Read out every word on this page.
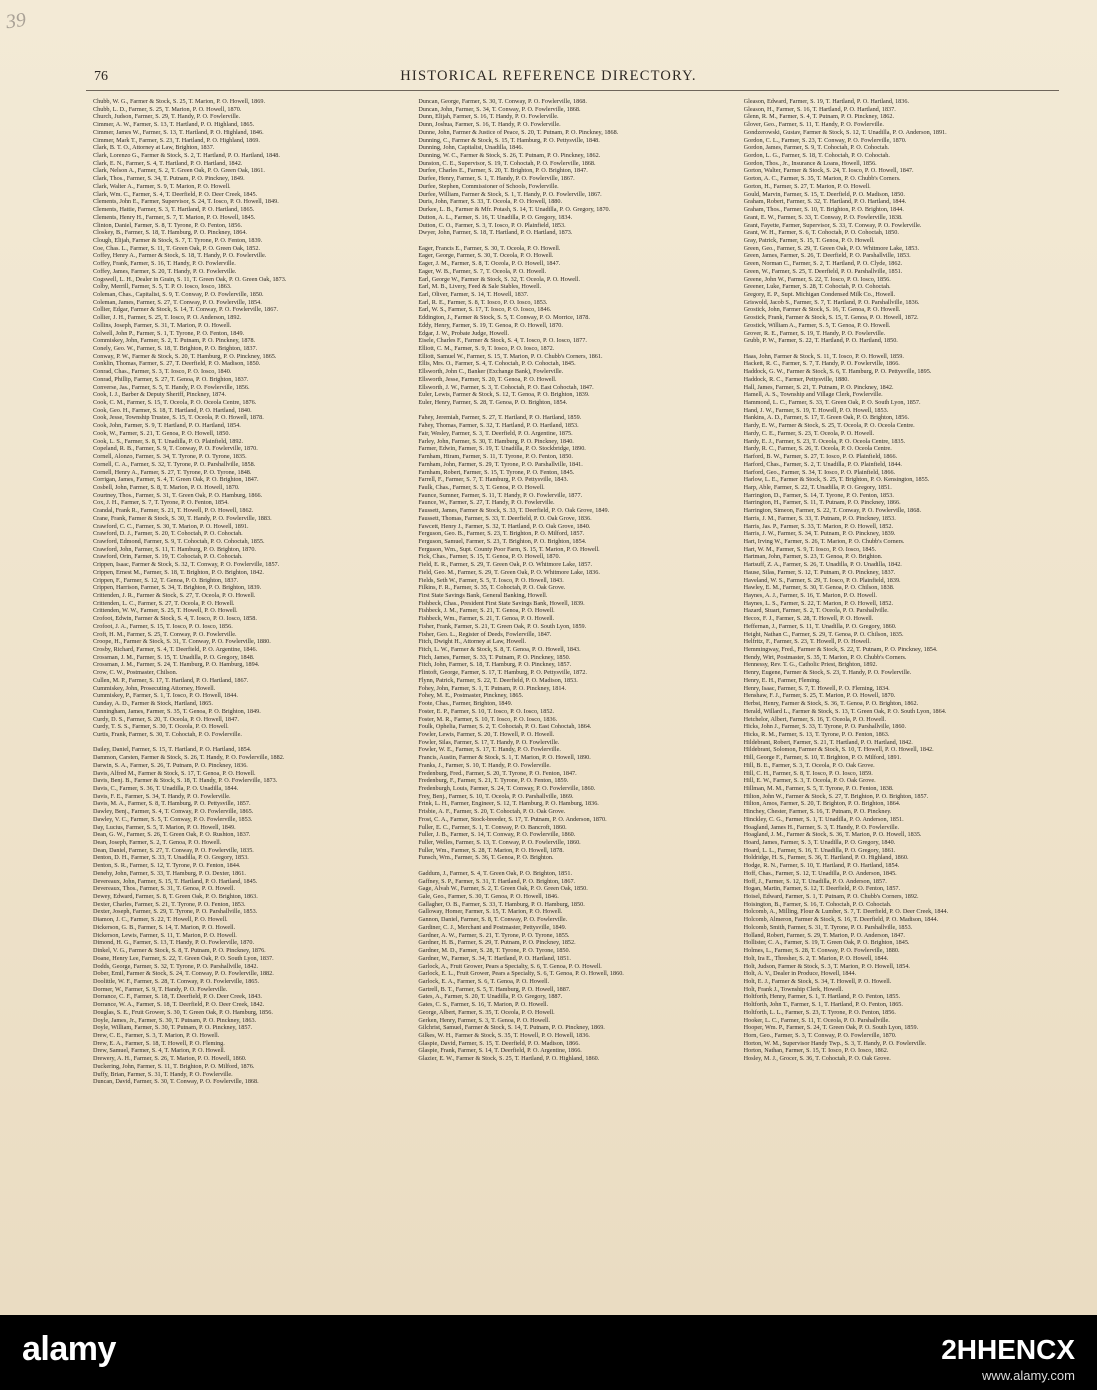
39
76	HISTORICAL REFERENCE DIRECTORY.

Chubb, W. G., Farmer & Stock, S. 25, T. Marion, P. O. Howell, 1869.

Chubb, L. D., Farmer, S. 25, T. Marion, P. O. Howell, 1870.

Church, Judson, Farmer, S. 29, T. Handy, P. O. Fowlerville.

Cimmer, A. W., Farmer, S. 13, T. Hartland, P. O. Highland, 1865.

Cimmer, James W., Farmer, S. 13, T. Hartland, P. O. Highland, 1846.

Cimmer, Mark T., Farmer, S. 23, T. Hartland, P. O. Highland, 1869.

Clark, B. T. O., Attorney at Law, Brighton, 1837.

Clark, Lorenzo G., Farmer & Stock, S. 2, T. Hartland, P. O. Hartland, 1848.

Clark, E. N., Farmer, S. 4, T. Hartland, P. O. Hartland, 1842.

Clark, Nelson A., Farmer, S. 2, T. Green Oak, P. O. Green Oak, 1861.

Clark, Thos., Farmer, S. 34, T. Putnam, P. O. Pinckney, 1849.

Clark, Walter A., Farmer, S. 9, T. Marion, P. O. Howell.

Clark, Wm. C., Farmer, S. 4, T. Deerfield, P. O. Deer Creek, 1845.

Clements, John E., Farmer, Supervisor, S. 24, T. Iosco, P. O. Howell, 1849.

Clements, Hattie, Farmer, S. 3, T. Hartland, P. O. Hartland, 1865.

Clements, Henry H., Farmer, S. 7, T. Marion, P. O. Howell, 1845.

Clinton, Daniel, Farmer, S. 8, T. Tyrone, P. O. Fenton, 1856.

Closkey, B., Farmer, S. 18, T. Hamburg, P. O. Pinckney, 1864.

Clough, Elijah, Farmer & Stock, S. 7, T. Tyrone, P. O. Fenton, 1839.

Coe, Chas. L., Farmer, S. 11, T. Green Oak, P. O. Green Oak, 1852.

Coffey, Henry A., Farmer & Stock, S. 18, T. Handy, P. O. Fowlerville.

Coffey, Frank, Farmer, S. 16, T. Handy, P. O. Fowlerville.

Coffey, James, Farmer, S. 20, T. Handy, P. O. Fowlerville.

Cogswell, L. H., Dealer in Grain, S. 11, T. Green Oak, P. O. Green Oak, 1873.

Colby, Merrill, Farmer, S. 5, T. P. O. Iosco, Iosco, 1863.

Coleman, Chas., Capitalist, S. 9, T. Conway, P. O. Fowlerville, 1850.

Coleman, James, Farmer, S. 27, T. Conway, P. O. Fowlerville, 1854.

Collier, Edgar, Farmer & Stock, S. 14, T. Conway, P. O. Fowlerville, 1867.

Collier, J. H., Farmer, S. 25, T. Iosco, P. O. Anderson, 1892.

Collins, Joseph, Farmer, S. 31, T. Marion, P. O. Howell.

Colwell, John P., Farmer, S. 1, T. Tyrone, P. O. Fenton, 1849.

Commiskey, John, Farmer, S. 2, T. Putnam, P. O. Pinckney, 1878.

Conely, Geo. W., Farmer, S. 18, T. Brighton, P. O. Brighton, 1837.

Conway, P. W., Farmer & Stock, S. 20, T. Hamburg, P. O. Pinckney, 1865.

Conklin, Thomas, Farmer, S. 27, T. Deerfield, P. O. Madison, 1850.

Conrad, Chas., Farmer, S. 3, T. Iosco, P. O. Iosco, 1840.

Conrad, Phillip, Farmer, S. 27, T. Genoa, P. O. Brighton, 1837.

Converse, Jas., Farmer, S. 5, T. Handy, P. O. Fowlerville, 1856.

Cook, I. J., Barber & Deputy Sheriff, Pinckney, 1874.

Cook, C. M., Farmer, S. 15, T. Oceola, P. O. Oceola Centre, 1876.

Cook, Geo. H., Farmer, S. 18, T. Hartland, P. O. Hartland, 1840.

Cook, Jesse, Township Trustee, S. 15, T. Oceola, P. O. Howell, 1878.

Cook, John, Farmer, S. 9, T. Hartland, P. O. Hartland, 1854.

Cook, W., Farmer, S. 21, T. Genoa, P. O. Howell, 1850.

Cook, L. S., Farmer, S. 8, T. Unadilla, P. O. Plainfield, 1892.

Copeland, R. B., Farmer, S. 9, T. Conway, P. O. Fowlerville, 1870.

Cornell, Alonzo, Farmer, S. 34, T. Tyrone, P. O. Tyrone, 1835.

Cornell, C. A., Farmer, S. 32, T. Tyrone, P. O. Parshallville, 1858.

Cornell, Henry A., Farmer, S. 27, T. Tyrone, P. O. Tyrone, 1848.

Corrigan, James, Farmer, S. 4, T. Green Oak, P. O. Brighton, 1847.

Cosbell, John, Farmer, S. 8, T. Marion, P. O. Howell, 1870.

Courtney, Thos., Farmer, S. 31, T. Green Oak, P. O. Hamburg, 1866.

Cox, J. H., Farmer, S. 7, T. Tyrone, P. O. Fenton, 1854.

Crandal, Frank R., Farmer, S. 21, T. Howell, P. O. Howell, 1862.

Crane, Frank, Farmer & Stock, S. 30, T. Handy, P. O. Fowlerville, 1883.

Crawford, C. C., Farmer, S. 30, T. Marion, P. O. Howell, 1891.

Crawford, D. J., Farmer, S. 20, T. Cohoctah, P. O. Cohoctah.

Crawford, Edmond, Farmer, S. 9, T. Cohoctah, P. O. Cohoctah, 1855.

Crawford, John, Farmer, S. 11, T. Hamburg, P. O. Brighton, 1870.

Crawford, Orin, Farmer, S. 19, T. Cohoctah, P. O. Cohoctah.

Crippen, Isaac, Farmer & Stock, S. 32, T. Conway, P. O. Fowlerville, 1857.

Crippen, Ernest M., Farmer, S. 18, T. Brighton, P. O. Brighton, 1842.

Crippen, F., Farmer, S. 12, T. Genoa, P. O. Brighton, 1837.

Crippen, Harrison, Farmer, S. 34, T. Brighton, P. O. Brighton, 1839.

Crittenden, J. R., Farmer & Stock, S. 27, T. Oceola, P. O. Howell.

Crittenden, L. C., Farmer, S. 27, T. Oceola, P. O. Howell.

Crittenden, W. W., Farmer, S. 25, T. Howell, P. O. Howell.

Crofoot, Edwin, Farmer & Stock, S. 4, T. Iosco, P. O. Iosco, 1858.

Crofoot, J. A., Farmer, S. 15, T. Iosco, P. O. Iosco, 1856.

Croft, H. M., Farmer, S. 25, T. Conway, P. O. Fowlerville.

Croope, H., Farmer & Stock, S. 31, T. Conway, P. O. Fowlerville, 1880.

Crosby, Richard, Farmer, S. 4, T. Deerfield, P. O. Argentine, 1846.

Crossman, J. M., Farmer, S. 15, T. Unadilla, P. O. Gregory, 1848.

Crossman, J. M., Farmer, S. 24, T. Hamburg, P. O. Hamburg, 1894.

Crow, C. W., Postmaster, Chilson.

Cullen, M. P., Farmer, S. 17, T. Hartland, P. O. Hartland, 1867.

Cummiskey, John, Prosecuting Attorney, Howell.

Cummiskey, P., Farmer, S. 1, T. Iosco, P. O. Howell, 1844.

Cunday, A. D., Farmer & Stock, Hartland, 1865.

Cunningham, James, Farmer, S. 35, T. Genoa, P. O. Brighton, 1849.

Curdy, D. S., Farmer, S. 20, T. Oceola, P. O. Howell, 1847.

Curdy, T. S. S., Farmer, S. 30, T. Oceola, P. O. Howell.

Curtis, Frank, Farmer, S. 30, T. Cohoctah, P. O. Fowlerville.

Dailey, Daniel, Farmer, S. 15, T. Hartland, P. O. Hartland, 1854.

Dammon, Carsten, Farmer & Stock, S. 26, T. Handy, P. O. Fowlerville, 1882.

Darwin, S. A., Farmer, S. 26, T. Putnam, P. O. Pinckney, 1836.

Davis, Alfred M., Farmer & Stock, S. 17, T. Genoa, P. O. Howell.

Davis, Benj. B., Farmer & Stock, S. 18, T. Handy, P. O. Fowlerville, 1873.

Davis, C., Farmer, S. 36, T. Unadilla, P. O. Unadilla, 1844.

Davis, F. E., Farmer, S. 34, T. Handy, P. O. Fowlerville.

Davis, M. A., Farmer, S. 8, T. Hamburg, P. O. Pettysville, 1857.

Dawley, Benj., Farmer, S. 4, T. Conway, P. O. Fowlerville, 1865.

Dawley, V. C., Farmer, S. 5, T. Conway, P. O. Fowlerville, 1853.

Day, Lucius, Farmer, S. 5, T. Marion, P. O. Howell, 1849.

Dean, G. W., Farmer, S. 26, T. Green Oak, P. O. Rushton, 1837.

Dean, Joseph, Farmer, S. 2, T. Genoa, P. O. Howell.

Dean, Daniel, Farmer, S. 27, T. Conway, P. O. Fowlerville, 1835.

Denton, D. H., Farmer, S. 33, T. Unadilla, P. O. Gregory, 1853.

Denton, S. R., Farmer, S. 12, T. Tyrone, P. O. Fenton, 1844.

Denehy, John, Farmer, S. 33, T. Hamburg, P. O. Dexter, 1861.

Devereaux, John, Farmer, S. 15, T. Hartland, P. O. Hartland, 1845.

Devereaux, Thos., Farmer, S. 31, T. Genoa, P. O. Howell.

Dewey, Edward, Farmer, S. 8, T. Green Oak, P. O. Brighton, 1863.

Dexter, Charles, Farmer, S. 21, T. Tyrone, P. O. Fenton, 1853.

Dexter, Joseph, Farmer, S. 29, T. Tyrone, P. O. Parshallville, 1853.

Diamon, J. C., Farmer, S. 22, T. Howell, P. O. Howell.

Dickerson, G. B., Farmer, S. 14, T. Marion, P. O. Howell.

Dickerson, Lewis, Farmer, S. 11, T. Marion, P. O. Howell.

Dimond, H. G., Farmer, S. 13, T. Handy, P. O. Fowlerville, 1870.

Dinkel, V. G., Farmer & Stock, S. 8, T. Putnam, P. O. Pinckney, 1876.

Doane, Henry Lee, Farmer, S. 22, T. Green Oak, P. O. South Lyon, 1837.

Dodds, George, Farmer, S. 32, T. Tyrone, P. O. Parshallville, 1842.

Dober, Emil, Farmer & Stock, S. 24, T. Conway, P. O. Fowlerville, 1882.

Doolittle, W. F., Farmer, S. 28, T. Conway, P. O. Fowlerville, 1865.

Dormer, W., Farmer, S. 9, T. Handy, P. O. Fowlerville.

Dorrance, C. F., Farmer, S. 18, T. Deerfield, P. O. Deer Creek, 1843.

Dorrance, W. A., Farmer, S. 18, T. Deerfield, P. O. Deer Creek, 1842.

Douglas, S. E., Fruit Grower, S. 30, T. Green Oak, P. O. Hamburg, 1856.

Doyle, James, Jr., Farmer, S. 30, T. Putnam, P. O. Pinckney, 1863.

Doyle, William, Farmer, S. 30, T. Putnam, P. O. Pinckney, 1857.

Drew, C. E., Farmer, S. 3, T. Marion, P. O. Howell.

Drew, E. A., Farmer, S. 18, T. Howell, P. O. Fleming.

Drew, Samuel, Farmer, S. 4, T. Marion, P. O. Howell.

Drewery, A. H., Farmer, S. 26, T. Marion, P. O. Howell, 1860.

Duckering, John, Farmer, S. 11, T. Brighton, P. O. Milford, 1876.

Duffy, Brian, Farmer, S. 31, T. Handy, P. O. Fowlerville.

Duncan, David, Farmer, S. 30, T. Conway, P. O. Fowlerville, 1868.

Duncan, George, Farmer, S. 30, T. Conway, P. O. Fowlerville, 1868.

Duncan, John, Farmer, S. 34, T. Conway, P. O. Fowlerville, 1868.

Dunn, Elijah, Farmer, S. 16, T. Handy, P. O. Fowlerville.

Dunn, Joshua, Farmer, S. 16, T. Handy, P. O. Fowlerville.

Dunne, John, Farmer & Justice of Peace, S. 20, T. Putnam, P. O. Pinckney, 1868.

Dunning, C., Farmer & Stock, S. 15, T. Hamburg, P. O. Pettysville, 1848.

Dunning, John, Capitalist, Unadilla, 1846.

Dunning, W. C., Farmer & Stock, S. 26, T. Putnam, P. O. Pinckney, 1862.

Dunston, C. E., Supervisor, S. 19, T. Cohoctah, P. O. Fowlerville, 1868.

Durfee, Charles E., Farmer, S. 20, T. Brighton, P. O. Brighton, 1847.

Durfee, Henry, Farmer, S. 1, T. Handy, P. O. Fowlerville, 1867.

Durfee, Stephen, Commissioner of Schools, Fowlerville.

Durfee, William, Farmer & Stock, S. 1, T. Handy, P. O. Fowlerville, 1867.

Duris, John, Farmer, S. 33, T. Oceola, P. O. Howell, 1880.

Durkee, L. B., Farmer & Mfr. Potash, S. 14, T. Unadilla, P. O. Gregory, 1870.

Dutton, A. L., Farmer, S. 16, T. Unadilla, P. O. Gregory, 1834.

Dutton, C. O., Farmer, S. 3, T. Iosco, P. O. Plainfield, 1853.

Dwyer, John, Farmer, S. 18, T. Hartland, P. O. Hartland, 1873.

Eager, Francis E., Farmer, S. 30, T. Oceola, P. O. Howell.

Eager, George, Farmer, S. 30, T. Oceola, P. O. Howell.

Eager, J. M., Farmer, S. 8, T. Oceola, P. O. Howell, 1847.

Eager, W. B., Farmer, S. 7, T. Oceola, P. O. Howell.

Earl, George W., Farmer & Stock, S. 32, T. Oceola, P. O. Howell.

Earl, M. B., Livery, Feed & Sale Stables, Howell.

Earl, Oliver, Farmer, S. 14, T. Howell, 1837.

Earl, R. E., Farmer, S. 8, T. Iosco, P. O. Iosco, 1853.

Earl, W. S., Farmer, S. 17, T. Iosco, P. O. Iosco, 1846.

Eddington, J., Farmer & Stock, S. 5, T. Conway, P. O. Morrice, 1878.

Eddy, Henry, Farmer, S. 19, T. Genoa, P. O. Howell, 1870.

Edgar, J. W., Probate Judge, Howell.

Eisele, Charles F., Farmer & Stock, S. 4, T. Iosco, P. O. Iosco, 1877.

Elliott, C. M., Farmer, S. 9, T. Iosco, P. O. Iosco, 1872.

Elliott, Samuel W., Farmer, S. 15, T. Marion, P. O. Chubb's Corners, 1861.

Ellis, Mrs. O., Farmer, S. 4, T. Cohoctah, P. O. Cohoctah, 1845.

Ellsworth, John C., Banker (Exchange Bank), Fowlerville.

Ellsworth, Jesse, Farmer, S. 20, T. Genoa, P. O. Howell.

Ellsworth, J. W., Farmer, S. 3, T. Cohoctah, P. O. East Cohoctah, 1847.

Euler, Lewis, Farmer & Stock, S. 12, T. Genoa, P. O. Brighton, 1839.

Euler, Henry, Farmer, S. 28, T. Genoa, P. O. Brighton, 1854.

Fahey, Jeremiah, Farmer, S. 27, T. Hartland, P. O. Hartland, 1859.

Fahey, Thomas, Farmer, S. 32, T. Hartland, P. O. Hartland, 1853.

Fair, Wesley, Farmer, S. 3, T. Deerfield, P. O. Argentine, 1875.

Farley, John, Farmer, S. 30, T. Hamburg, P. O. Pinckney, 1840.

Farmer, Edwin, Farmer, S. 19, T. Unadilla, P. O. Stockbridge, 1890.

Farnham, Hiram, Farmer, S. 11, T. Tyrone, P. O. Fenton, 1850.

Farnham, John, Farmer, S. 29, T. Tyrone, P. O. Parshallville, 1841.

Farnham, Robert, Farmer, S. 15, T. Tyrone, P. O. Fenton, 1845.

Farrell, F., Farmer, S. 7, T. Hamburg, P. O. Pettysville, 1843.

Faulk, Chas., Farmer, S. 3, T. Genoa, P. O. Howell.

Faunce, Sumner, Farmer, S. 11, T. Handy, P. O. Fowlerville, 1877.

Faunce, W., Farmer, S. 27, T. Handy, P. O. Fowlerville.

Faussett, James, Farmer & Stock, S. 33, T. Deerfield, P. O. Oak Grove, 1849.

Faussett, Thomas, Farmer, S. 33, T. Deerfield, P. O. Oak Grove, 1836.

Fawcett, Henry J., Farmer, S. 32, T. Hartland, P. O. Oak Grove, 1840.

Ferguson, Geo. B., Farmer, S. 23, T. Brighton, P. O. Milford, 1857.

Ferguson, Samuel, Farmer, S. 23, T. Brighton, P. O. Brighton, 1854.

Ferguson, Wm., Supt. County Poor Farm, S. 15, T. Marion, P. O. Howell.

Fick, Chas., Farmer, S. 15, T. Genoa, P. O. Howell, 1870.

Field, E. R., Farmer, S. 29, T. Green Oak, P. O. Whitmore Lake, 1857.

Field, Geo. M., Farmer, S. 29, T. Green Oak, P. O. Whitmore Lake, 1836.

Fields, Seth W., Farmer, S. 5, T. Iosco, P. O. Howell, 1843.

Filkins, F. R., Farmer, S. 35, T. Cohoctah, P. O. Oak Grove.

First State Savings Bank, General Banking, Howell.

Fishbeck, Chas., President First State Savings Bank, Howell, 1839.

Fishbeck, J. M., Farmer, S. 21, T. Genoa, P. O. Howell.

Fishbeck, Wm., Farmer, S. 21, T. Genoa, P. O. Howell.

Fisher, Frank, Farmer, S. 21, T. Green Oak, P. O. South Lyon, 1859.

Fisher, Geo. L., Register of Deeds, Fowlerville, 1847.

Fitch, Dwight H., Attorney at Law, Howell.

Fitch, L. W., Farmer & Stock, S. 8, T. Genoa, P. O. Howell, 1843.

Fitch, James, Farmer, S. 33, T. Putnam, P. O. Pinckney, 1850.

Fitch, John, Farmer, S. 18, T. Hamburg, P. O. Pinckney, 1857.

Flintoft, George, Farmer, S. 17, T. Hamburg, P. O. Pettysville, 1872.

Flynn, Patrick, Farmer, S. 22, T. Deerfield, P. O. Madison, 1853.

Fohey, John, Farmer, S. 1, T. Putnam, P. O. Pinckney, 1814.

Fohey, M. E., Postmaster, Pinckney, 1865.

Foote, Chas., Farmer, Brighton, 1849.

Foster, E. P., Farmer, S. 10, T. Iosco, P. O. Iosco, 1852.

Foster, M. R., Farmer, S. 10, T. Iosco, P. O. Iosco, 1836.

Foulk, Ophelia, Farmer, S. 2, T. Cohoctah, P. O. East Cohoctah, 1864.

Fowler, Lewis, Farmer, S. 20, T. Howell, P. O. Howell.

Fowler, Silas, Farmer, S. 17, T. Handy, P. O. Fowlerville.

Fowler, W. E., Farmer, S. 17, T. Handy, P. O. Fowlerville.

Francis, Austin, Farmer & Stock, S. 1, T. Marion, P. O. Howell, 1890.

Franks, J., Farmer, S. 10, T. Handy, P. O. Fowlerville.

Fredenburg, Fred., Farmer, S. 20, T. Tyrone, P. O. Fenton, 1847.

Fredenburg, F., Farmer, S. 21, T. Tyrone, P. O. Fenton, 1859.

Fredenburgh, Louis, Farmer, S. 24, T. Conway, P. O. Fowlerville, 1860.

Frey, Benj., Farmer, S. 10, T. Oceola, P. O. Parshallville, 1869.

Frink, L. H., Farmer, Engineer, S. 12, T. Hamburg, P. O. Hamburg, 1836.

Frisbie, A. F., Farmer, S. 20, T. Cohoctah, P. O. Oak Grove.

Frost, C. A., Farmer, Stock-breeder, S. 17, T. Putnam, P. O. Anderson, 1870.

Fuller, E. C., Farmer, S. 1, T. Conway, P. O. Bancroft, 1860.

Fuller, J. B., Farmer, S. 14, T. Conway, P. O. Fowlerville, 1860.

Fuller, Welles, Farmer, S. 13, T. Conway, P. O. Fowlerville, 1860.

Fuller, Wm., Farmer, S. 28, T. Marion, P. O. Howell, 1878.

Funsch, Wm., Farmer, S. 36, T. Genoa, P. O. Brighton.

Gaddum, J., Farmer, S. 4, T. Green Oak, P. O. Brighton, 1851.

Gaffney, S. P., Farmer, S. 31, T. Hartland, P. O. Brighton, 1867.

Gage, Alvah W., Farmer, S. 2, T. Green Oak, P. O. Green Oak, 1850.

Gale, Geo., Farmer, S. 30, T. Genoa, P. O. Howell, 1846.

Gallagher, O. B., Farmer, S. 33, T. Hamburg, P. O. Hamburg, 1850.

Galloway, Homer, Farmer, S. 15, T. Marion, P. O. Howell.

Gannon, Daniel, Farmer, S. 8, T. Conway, P. O. Fowlerville.

Gardiner, C. J., Merchant and Postmaster, Pettysville, 1849.

Gardner, A. W., Farmer, S. 21, T. Tyrone, P. O. Tyrone, 1855.

Gardner, H. B., Farmer, S. 29, T. Putnam, P. O. Pinckney, 1852.

Gardner, M. D., Farmer, S. 28, T. Tyrone, P. O. Tyrone, 1850.

Gardner, W., Farmer, S. 34, T. Hartland, P. O. Hartland, 1851.

Garlock, A., Fruit Grower, Pears a Specialty, S. 6, T. Genoa, P. O. Howell.

Garlock, E. L., Fruit Grower, Pears a Specialty, S. 6, T. Genoa, P. O. Howell, 1860.

Garlock, E. A., Farmer, S. 6, T. Genoa, P. O. Howell.

Gartrell, B. T., Farmer, S. 5, T. Hamburg, P. O. Howell, 1887.

Gates, A., Farmer, S. 20, T. Unadilla, P. O. Gregory, 1887.

Gates, C. S., Farmer, S. 16, T. Marion, P. O. Howell.

George, Albert, Farmer, S. 35, T. Oceola, P. O. Howell.

Gerken, Henry, Farmer, S. 3, T. Genoa, P. O. Howell.

Gilchrist, Samuel, Farmer & Stock, S. 14, T. Putnam, P. O. Pinckney, 1869.

Gilkes, W. H., Farmer & Stock, S. 35, T. Howell, P. O. Howell, 1836.

Glaspie, David, Farmer, S. 15, T. Deerfield, P. O. Madison, 1866.

Glaspie, Frank, Farmer, S. 14, T. Deerfield, P. O. Argentine, 1866.

Glazier, E. W., Farmer & Stock, S. 25, T. Hartland, P. O. Highland, 1860.

Gleason, Edward, Farmer, S. 19, T. Hartland, P. O. Hartland, 1836.

Gleason, H., Farmer, S. 16, T. Hartland, P. O. Hartland, 1837.

Glenn, R. M., Farmer, S. 4, T. Putnam, P. O. Pinckney, 1862.

Glover, Geo., Farmer, S. 11, T. Handy, P. O. Fowlerville.

Gondzerowski, Gustav, Farmer & Stock, S. 12, T. Unadilla, P. O. Anderson, 1891.

Gordon, C. L., Farmer, S. 23, T. Conway, P. O. Fowlerville, 1870.

Gordon, James, Farmer, S. 9, T. Cohoctah, P. O. Cohoctah.

Gordon, L. G., Farmer, S. 18, T. Cohoctah, P. O. Cohoctah.

Gordon, Thos., Jr., Insurance & Loans, Howell, 1856.

Gorton, Walter, Farmer & Stock, S. 24, T. Iosco, P. O. Howell, 1847.

Gorton, A. C., Farmer, S. 35, T. Marion, P. O. Chubb's Corners.

Gorton, H., Farmer, S. 27, T. Marion, P. O. Howell.

Gould, Marvin, Farmer, S. 15, T. Deerfield, P. O. Madison, 1850.

Graham, Robert, Farmer, S. 32, T. Hartland, P. O. Hartland, 1844.

Graham, Thos., Farmer, S. 10, T. Brighton, P. O. Brighton, 1844.

Grant, E. W., Farmer, S. 33, T. Conway, P. O. Fowlerville, 1838.

Grant, Fayette, Farmer, Supervisor, S. 33, T. Conway, P. O. Fowlerville.

Grant, W. H., Farmer, S. 6, T. Cohoctah, P. O. Cohoctah, 1850.

Gray, Patrick, Farmer, S. 15, T. Genoa, P. O. Howell.

Green, Geo., Farmer, S. 29, T. Green Oak, P. O. Whitmore Lake, 1853.

Green, James, Farmer, S. 26, T. Deerfield, P. O. Parshallville, 1853.

Green, Norman C., Farmer, S. 2, T. Hartland, P. O. Clyde, 1862.

Green, W., Farmer, S. 25, T. Deerfield, P. O. Parshallville, 1851.

Greene, John W., Farmer, S. 22, T. Iosco, P. O. Iosco, 1856.

Greener, Luke, Farmer, S. 28, T. Cohoctah, P. O. Cohoctah.

Gregory, E. P., Supt. Michigan Condensed Milk Co., Howell.

Griswold, Jacob S., Farmer, S. 7, T. Hartland, P. O. Parshallville, 1836.

Grostick, John, Farmer & Stock, S. 16, T. Genoa, P. O. Howell.

Grostick, Frank, Farmer & Stock, S. 15, T. Genoa, P. O. Howell, 1872.

Grostick, William A., Farmer, S. 5, T. Genoa, P. O. Howell.

Grover, R. E., Farmer, S. 19, T. Handy, P. O. Fowlerville.

Grubb, P. W., Farmer, S. 22, T. Hartland, P. O. Hartland, 1850.

Haas, John, Farmer & Stock, S. 11, T. Iosco, P. O. Howell, 1859.

Hackett, R. C., Farmer, S. 7, T. Handy, P. O. Fowlerville, 1866.

Haddock, G. W., Farmer & Stock, S. 6, T. Hamburg, P. O. Pettysville, 1895.

Haddock, R. C., Farmer, Pettysville, 1880.

Hall, James, Farmer, S. 21, T. Putnam, P. O. Pinckney, 1842.

Hamell, A. S., Township and Village Clerk, Fowlerville.

Hammond, L. C., Farmer, S. 33, T. Green Oak, P. O. South Lyon, 1857.

Hand, J. W., Farmer, S. 19, T. Howell, P. O. Howell, 1853.

Hankins, A. D., Farmer, S. 17, T. Green Oak, P. O. Brighton, 1856.

Hardy, E. W., Farmer & Stock, S. 25, T. Oceola, P. O. Oceola Centre.

Hardy, C. E., Farmer, S. 23, T. Oceola, P. O. Howell.

Hardy, E. J., Farmer, S. 23, T. Oceola, P. O. Oceola Centre, 1835.

Hardy, R. C., Farmer, S. 26, T. Oceola, P. O. Oceola Centre.

Harford, B. W., Farmer, S. 27, T. Iosco, P. O. Plainfield, 1866.

Harford, Chas., Farmer, S. 2, T. Unadilla, P. O. Plainfield, 1844.

Harford, Geo., Farmer, S. 34, T. Iosco, P. O. Plainfield, 1866.

Harlow, L. E., Farmer & Stock, S. 25, T. Brighton, P. O. Kensington, 1855.

Harp, Able, Farmer, S. 22, T. Unadilla, P. O. Gregory, 1851.

Harrington, D., Farmer, S. 14, T. Tyrone, P. O. Fenton, 1853.

Harrington, H., Farmer, S. 11, T. Putnam, P. O. Pinckney, 1866.

Harrington, Simeon, Farmer, S. 22, T. Conway, P. O. Fowlerville, 1868.

Harris, J. M., Farmer, S. 33, T. Putnam, P. O. Pinckney, 1853.

Harris, Jas. P., Farmer, S. 33, T. Marion, P. O. Howell, 1852.

Harris, J. W., Farmer, S. 34, T. Putnam, P. O. Pinckney, 1839.

Hart, Irving W., Farmer, S. 26, T. Marion, P. O. Chubb's Corners.

Hart, W. M., Farmer, S. 9, T. Iosco, P. O. Iosco, 1845.

Hartman, John, Farmer, S. 23, T. Genoa, P. O. Brighton.

Hartsuff, Z. A., Farmer, S. 26, T. Unadilla, P. O. Unadilla, 1842.

Hause, Silas, Farmer, S. 12, T. Putnam, P. O. Pinckney, 1837.

Haveland, W. S., Farmer, S. 29, T. Iosco, P. O. Plainfield, 1839.

Hawley, E. M., Farmer, S. 30, T. Genoa, P. O. Chilson, 1838.

Haynes, A. J., Farmer, S. 16, T. Marion, P. O. Howell.

Haynes, L. S., Farmer, S. 22, T. Marion, P. O. Howell, 1852.

Hazard, Stuart, Farmer, S. 2, T. Oceola, P. O. Parshallville.

Hecox, F. J., Farmer, S. 28, T. Howell, P. O. Howell.

Heffernan, J., Farmer, S. 11, T. Unadilla, P. O. Gregory, 1860.

Height, Nathan C., Farmer, S. 29, T. Genoa, P. O. Chilson, 1835.

Helfritz, F., Farmer, S. 23, T. Howell, P. O. Howell.

Hemmingway, Fred., Farmer & Stock, S. 22, T. Putnam, P. O. Pinckney, 1854.

Hendy, Wirt, Postmaster, S. 35, T. Marion, P. O. Chubb's Corners.

Hennessy, Rev. T. G., Catholic Priest, Brighton, 1892.

Henry, Eugene, Farmer & Stock, S. 23, T. Handy, P. O. Fowlerville.

Henry, E. H., Farmer, Fleming.

Henry, Isaac, Farmer, S. 7, T. Howell, P. O. Fleming, 1834.

Henshaw, F. J., Farmer, S. 25, T. Marion, P. O. Howell, 1870.

Herbst, Henry, Farmer & Stock, S. 36, T. Genoa, P. O. Brighton, 1862.

Herald, Willard L., Farmer & Stock, S. 13, T. Green Oak, P. O. South Lyon, 1864.

Hetchelor, Albert, Farmer, S. 16, T. Oceola, P. O. Howell.

Hicks, John J., Farmer, S. 33, T. Tyrone, P. O. Parshallville, 1860.

Hicks, R. M., Farmer, S. 13, T. Tyrone, P. O. Fenton, 1863.

Hildebrant, Robert, Farmer, S. 21, T. Hartland, P. O. Hartland, 1842.

Hildebrant, Solomon, Farmer & Stock, S. 10, T. Howell, P. O. Howell, 1842.

Hill, George F., Farmer, S. 10, T. Brighton, P. O. Milford, 1891.

Hill, B. E., Farmer, S. 3, T. Oceola, P. O. Oak Grove.

Hill, C. H., Farmer, S. 8, T. Iosco, P. O. Iosco, 1859.

Hill, E. W., Farmer, S. 3, T. Oceola, P. O. Oak Grove.

Hillman, M. M., Farmer, S. 5, T. Tyrone, P. O. Fenton, 1838.

Hilton, John W., Farmer & Stock, S. 27, T. Brighton, P. O. Brighton, 1857.

Hilton, Amos, Farmer, S. 20, T. Brighton, P. O. Brighton, 1864.

Hinchey, Chester, Farmer, S. 16, T. Putnam, P. O. Pinckney.

Hinckley, C. G., Farmer, S. 1, T. Unadilla, P. O. Anderson, 1851.

Hoagland, James H., Farmer, S. 3, T. Handy, P. O. Fowlerville.

Hoagland, J. M., Farmer & Stock, S. 36, T. Marion, P. O. Howell, 1835.

Hoard, James, Farmer, S. 3, T. Unadilla, P. O. Gregory, 1840.

Hoard, L. L., Farmer, S. 16, T. Unadilla, P. O. Gregory, 1861.

Holdridge, H. S., Farmer, S. 36, T. Hartland, P. O. Highland, 1860.

Hodge, R. N., Farmer, S. 10, T. Hartland, P. O. Hartland, 1854.

Hoff, Chas., Farmer, S. 12, T. Unadilla, P. O. Anderson, 1845.

Hoff, J., Farmer, S. 12, T. Unadilla, P. O. Anderson, 1857.

Hogan, Martin, Farmer, S. 12, T. Deerfield, P. O. Fenton, 1857.

Hoisel, Edward, Farmer, S. 1, T. Putnam, P. O. Chubb's Corners, 1892.

Hoisington, B., Farmer, S. 16, T. Cohoctah, P. O. Cohoctah.

Holcomb, A., Milling, Flour & Lumber, S. 7, T. Deerfield, P. O. Deer Creek, 1844.

Holcomb, Almeron, Farmer & Stock, S. 16, T. Deerfield, P. O. Madison, 1844.

Holcomb, Smith, Farmer, S. 31, T. Tyrone, P. O. Parshallville, 1853.

Holland, Robert, Farmer, S. 29, T. Marion, P. O. Anderson, 1847.

Hollister, C. A., Farmer, S. 19, T. Green Oak, P. O. Brighton, 1845.

Holmes, L., Farmer, S. 28, T. Conway, P. O. Fowlerville, 1880.

Holt, Ira E., Thresher, S. 2, T. Marion, P. O. Howell, 1844.

Holt, Judson, Farmer & Stock, S. 3, T. Marion, P. O. Howell, 1854.

Holt, A. V., Dealer in Produce, Howell, 1844.

Holt, E. J., Farmer & Stock, S. 34, T. Howell, P. O. Howell.

Holt, Frank J., Township Clerk, Howell.

Holtforth, Henry, Farmer, S. 1, T. Hartland, P. O. Fenton, 1855.

Holtforth, John T., Farmer, S. 1, T. Hartland, P. O. Fenton, 1865.

Holtforth, L. L., Farmer, S. 23, T. Tyrone, P. O. Fenton, 1856.

Hooker, L. C., Farmer, S. 11, T. Oceola, P. O. Parshallville.

Hooper, Wm. P., Farmer, S. 24, T. Green Oak, P. O. South Lyon, 1859.

Horn, Geo., Farmer, S. 3, T. Conway, P. O. Fowlerville, 1870.

Horton, W. M., Supervisor Handy Twp., S. 3, T. Handy, P. O. Fowlerville.

Horton, Nathan, Farmer, S. 15, T. Iosco, P. O. Iosco, 1862.

Hosley, M. J., Grocer, S. 36, T. Cohoctah, P. O. Oak Grove.

alamy	2HHENCX
www.alamy.com
